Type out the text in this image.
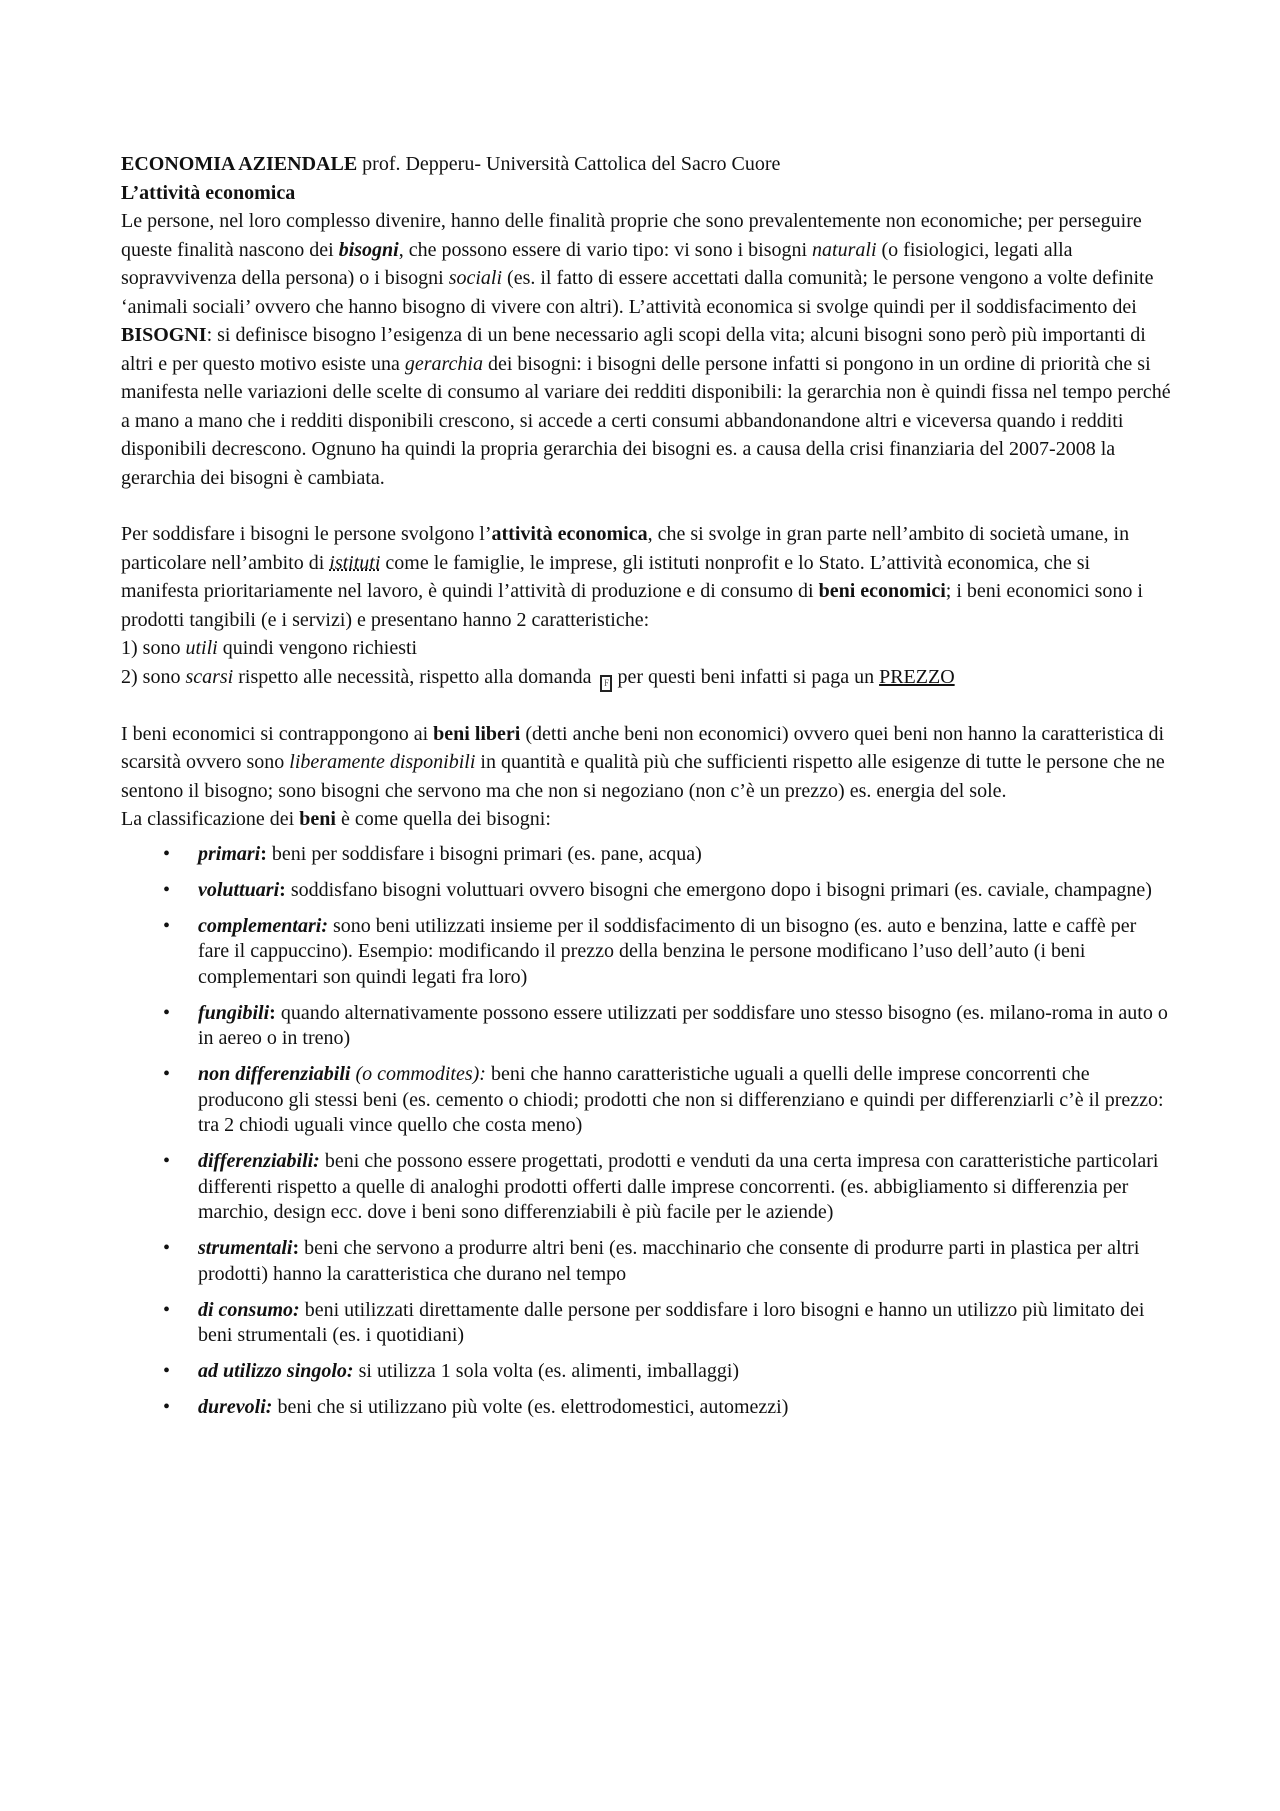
ECONOMIA AZIENDALE prof. Depperu- Università Cattolica del Sacro Cuore

L’attività economica

Le persone, nel loro complesso divenire, hanno delle finalità proprie che sono prevalentemente non economiche; per perseguire queste finalità nascono dei bisogni, che possono essere di vario tipo: vi sono i bisogni naturali (o fisiologici, legati alla sopravvivenza della persona) o i bisogni sociali (es. il fatto di essere accettati dalla comunità; le persone vengono a volte definite ‘animali sociali’ ovvero che hanno bisogno di vivere con altri). L’attività economica si svolge quindi per il soddisfacimento dei BISOGNI: si definisce bisogno l’esigenza di un bene necessario agli scopi della vita; alcuni bisogni sono però più importanti di altri e per questo motivo esiste una gerarchia dei bisogni: i bisogni delle persone infatti si pongono in un ordine di priorità che si manifesta nelle variazioni delle scelte di consumo al variare dei redditi disponibili: la gerarchia non è quindi fissa nel tempo perché a mano a mano che i redditi disponibili crescono, si accede a certi consumi abbandonandone altri e viceversa quando i redditi disponibili decrescono. Ognuno ha quindi la propria gerarchia dei bisogni es. a causa della crisi finanziaria del 2007-2008 la gerarchia dei bisogni è cambiata.

Per soddisfare i bisogni le persone svolgono l’attività economica, che si svolge in gran parte nell’ambito di società umane, in particolare nell’ambito di istituti come le famiglie, le imprese, gli istituti nonprofit e lo Stato. L’attività economica, che si manifesta prioritariamente nel lavoro, è quindi l’attività di produzione e di consumo di beni economici; i beni economici sono i prodotti tangibili (e i servizi) e presentano hanno 2 caratteristiche:

1) sono utili quindi vengono richiesti

2) sono scarsi rispetto alle necessità, rispetto alla domanda F per questi beni infatti si paga un PREZZO

I beni economici si contrappongono ai beni liberi (detti anche beni non economici) ovvero quei beni non hanno la caratteristica di scarsità ovvero sono liberamente disponibili in quantità e qualità più che sufficienti rispetto alle esigenze di tutte le persone che ne sentono il bisogno; sono bisogni che servono ma che non si negoziano (non c’è un prezzo) es. energia del sole.

La classificazione dei beni è come quella dei bisogni:

• primari: beni per soddisfare i bisogni primari (es. pane, acqua)
• voluttuari: soddisfano bisogni voluttuari ovvero bisogni che emergono dopo i bisogni primari (es. caviale, champagne)
• complementari: sono beni utilizzati insieme per il soddisfacimento di un bisogno (es. auto e benzina, latte e caffè per fare il cappuccino). Esempio: modificando il prezzo della benzina le persone modificano l’uso dell’auto (i beni complementari son quindi legati fra loro)
• fungibili: quando alternativamente possono essere utilizzati per soddisfare uno stesso bisogno (es. milano-roma in auto o in aereo o in treno)
• non differenziabili (o commodites): beni che hanno caratteristiche uguali a quelli delle imprese concorrenti che producono gli stessi beni (es. cemento o chiodi; prodotti che non si differenziano e quindi per differenziarli c’è il prezzo: tra 2 chiodi uguali vince quello che costa meno)
• differenziabili: beni che possono essere progettati, prodotti e venduti da una certa impresa con caratteristiche particolari differenti rispetto a quelle di analoghi prodotti offerti dalle imprese concorrenti. (es. abbigliamento si differenzia per marchio, design ecc. dove i beni sono differenziabili è più facile per le aziende)
• strumentali: beni che servono a produrre altri beni (es. macchinario che consente di produrre parti in plastica per altri prodotti) hanno la caratteristica che durano nel tempo
• di consumo: beni utilizzati direttamente dalle persone per soddisfare i loro bisogni e hanno un utilizzo più limitato dei beni strumentali (es. i quotidiani)
• ad utilizzo singolo: si utilizza 1 sola volta (es. alimenti, imballaggi)
• durevoli: beni che si utilizzano più volte (es. elettrodomestici, automezzi)
